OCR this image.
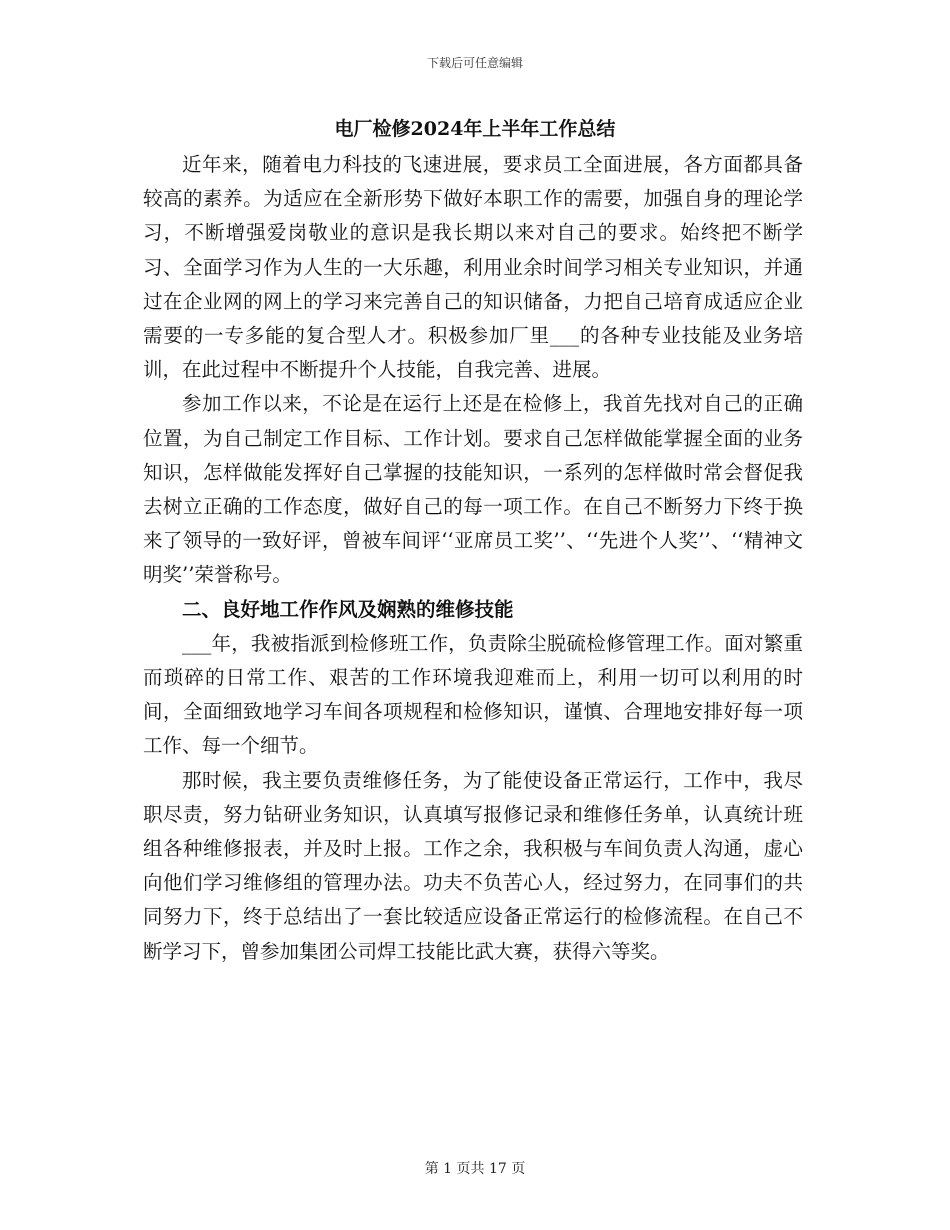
下载后可任意编辑
电厂检修2024年上半年工作总结

近年来，随着电力科技的飞速进展，要求员工全面进展，各方面都具备较高的素养。为适应在全新形势下做好本职工作的需要，加强自身的理论学习，不断增强爱岗敬业的意识是我长期以来对自己的要求。始终把不断学习、全面学习作为人生的一大乐趣，利用业余时间学习相关专业知识，并通过在企业网的网上的学习来完善自己的知识储备，力把自己培育成适应企业需要的一专多能的复合型人才。积极参加厂里___的各种专业技能及业务培训，在此过程中不断提升个人技能，自我完善、进展。

参加工作以来，不论是在运行上还是在检修上，我首先找对自己的正确位置，为自己制定工作目标、工作计划。要求自己怎样做能掌握全面的业务知识，怎样做能发挥好自己掌握的技能知识，一系列的怎样做时常会督促我去树立正确的工作态度，做好自己的每一项工作。在自己不断努力下终于换来了领导的一致好评，曾被车间评‘‘亚席员工奖’’、‘‘先进个人奖’’、‘‘精神文明奖’’荣誉称号。

二、良好地工作作风及娴熟的维修技能

___年，我被指派到检修班工作，负责除尘脱硫检修管理工作。面对繁重而琐碎的日常工作、艰苦的工作环境我迎难而上，利用一切可以利用的时间，全面细致地学习车间各项规程和检修知识，谨慎、合理地安排好每一项工作、每一个细节。

那时候，我主要负责维修任务，为了能使设备正常运行，工作中，我尽职尽责，努力钻研业务知识，认真填写报修记录和维修任务单，认真统计班组各种维修报表，并及时上报。工作之余，我积极与车间负责人沟通，虚心向他们学习维修组的管理办法。功夫不负苦心人，经过努力，在同事们的共同努力下，终于总结出了一套比较适应设备正常运行的检修流程。在自己不断学习下，曾参加集团公司焊工技能比武大赛，获得六等奖。

第 1 页共 17 页
